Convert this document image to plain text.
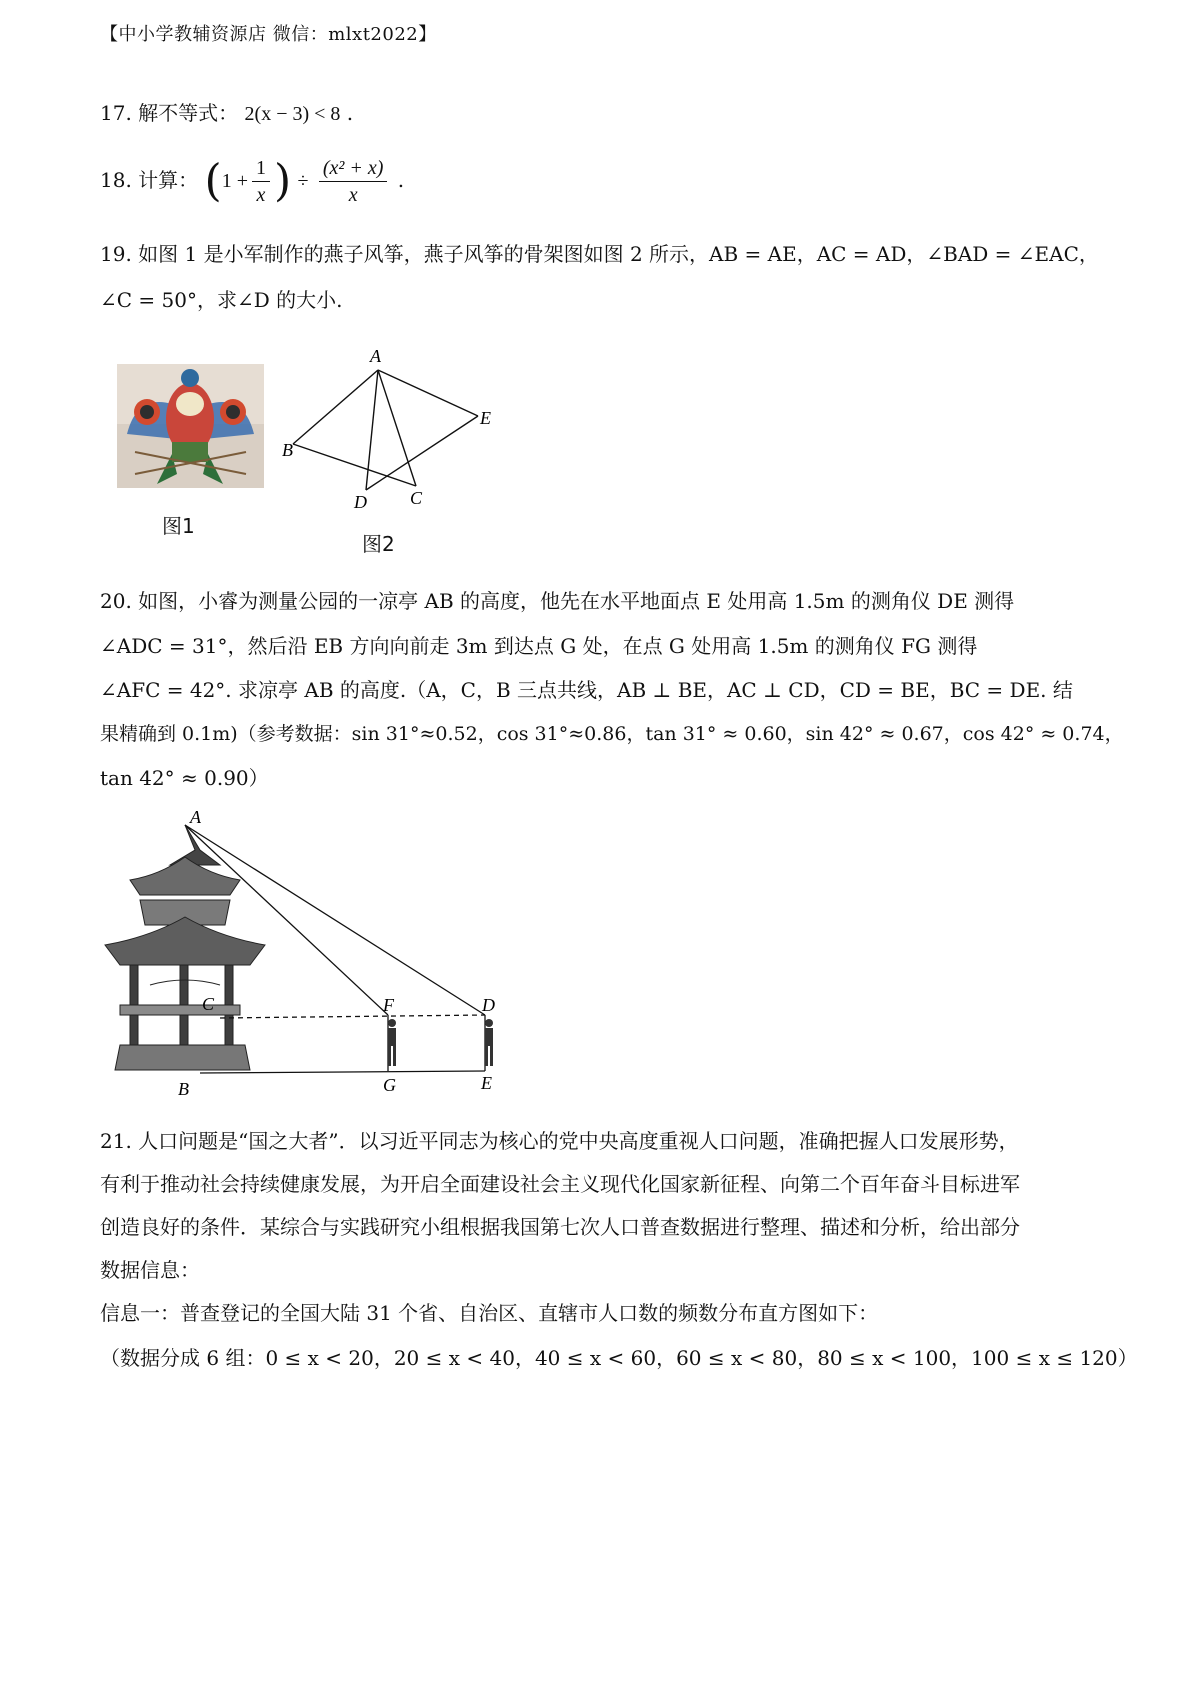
【中小学教辅资源店 微信：mlxt2022】
17. 解不等式： 2(x − 3) < 8 .
18. 计算： ($1 + \frac{1}{x}$ ) ÷ $\frac{\text{(x² + x)}}{x}$ .
19. 如图 1 是小军制作的燕子风筝，燕子风筝的骨架图如图 2 所示，AB = AE，AC = AD，∠BAD = ∠EAC，
∠C = 50°，求∠D 的大小.
图1
A
B
C
D
E
图2
20. 如图，小睿为测量公园的一凉亭 AB 的高度，他先在水平地面点 E 处用高 1.5m 的测角仪 DE 测得
∠ADC = 31°，然后沿 EB 方向向前走 3m 到达点 G 处，在点 G 处用高 1.5m 的测角仪 FG 测得
∠AFC = 42°. 求凉亭 AB 的高度.（A，C，B 三点共线，AB ⊥ BE，AC ⊥ CD，CD = BE，BC = DE. 结
果精确到 0.1m)（参考数据：sin 31°≈0.52，cos 31°≈0.86，tan 31° ≈ 0.60，sin 42° ≈ 0.67，cos 42° ≈ 0.74，
tan 42° ≈ 0.90）
A
B
C	D
E
F
G
21. 人口问题是“国之大者”．以习近平同志为核心的党中央高度重视人口问题，准确把握人口发展形势，
有利于推动社会持续健康发展，为开启全面建设社会主义现代化国家新征程、向第二个百年奋斗目标进军
创造良好的条件．某综合与实践研究小组根据我国第七次人口普查数据进行整理、描述和分析，给出部分
数据信息：
信息一：普查登记的全国大陆 31 个省、自治区、直辖市人口数的频数分布直方图如下：
（数据分成 6 组：0 ≤ x < 20，20 ≤ x < 40，40 ≤ x < 60，60 ≤ x < 80，80 ≤ x < 100，100 ≤ x ≤ 120）
